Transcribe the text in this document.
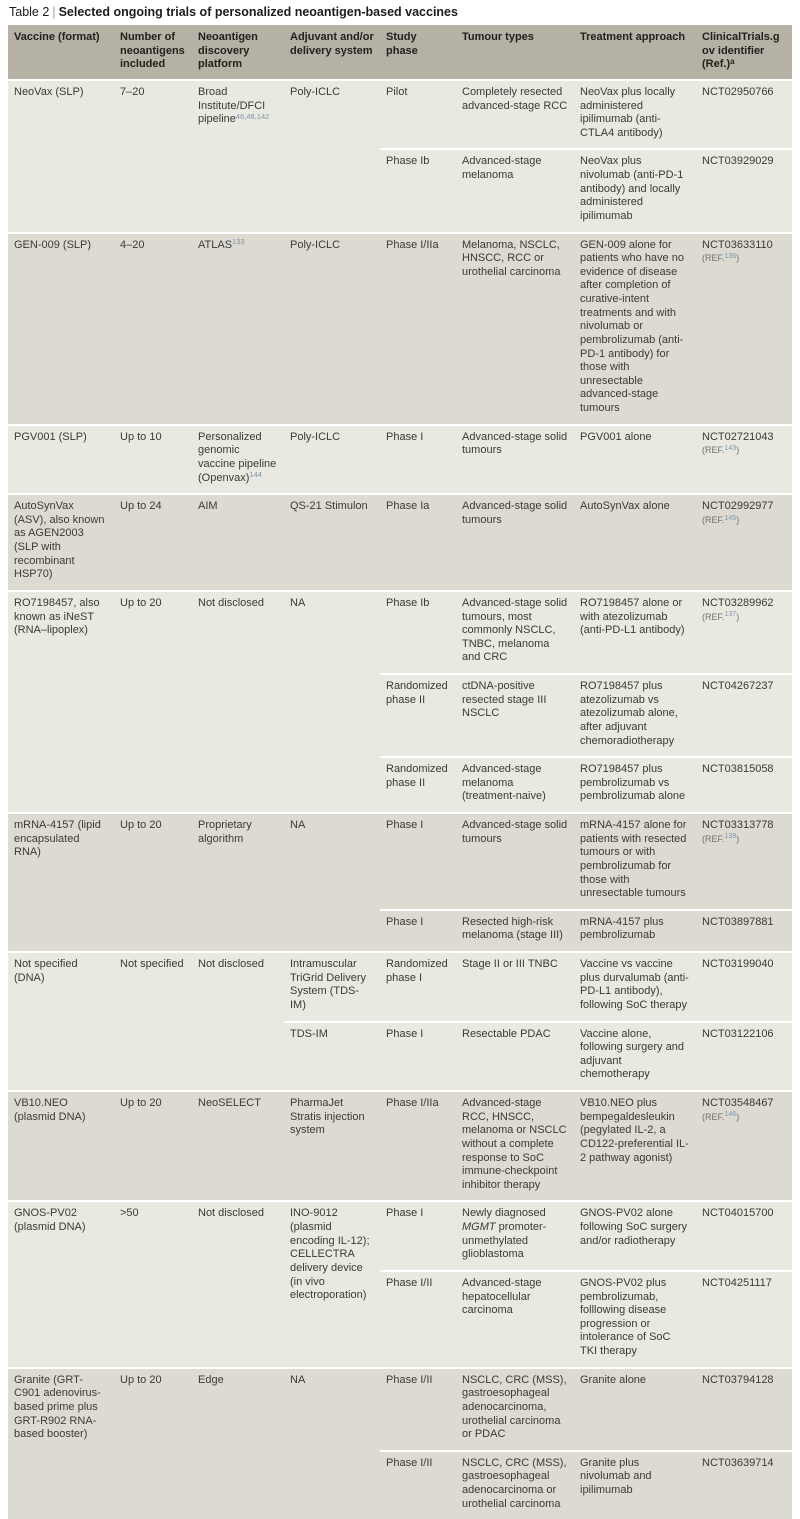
Table 2 | Selected ongoing trials of personalized neoantigen-based vaccines
Vaccine (format)	Number of neoantigens included	Neoantigen discovery platform	Adjuvant and/or delivery system	Study phase	Tumour types	Treatment approach	ClinicalTrials.gov identifier $(Ref.)^a$
NeoVax (SLP)	7–20	Broad Institute/DFCI pipeline$^{46,48,142}$	Poly-ICLC	Pilot	Completely resected advanced-stage RCC	NeoVax plus locally administered ipilimumab (anti-CTLA4 antibody)	NCT02950766
				Phase Ib	Advanced-stage melanoma	NeoVax plus nivolumab (anti-PD-1 antibody) and locally administered ipilimumab	NCT03929029
GEN-009 (SLP)	4–20	ATLAS$^{133}$	Poly-ICLC	Phase I/IIa	Melanoma, NSCLC, HNSCC, RCC or urothelial carcinoma	GEN-009 alone for patients who have no evidence of disease after completion of curative-intent treatments and with nivolumab or pembrolizumab (anti-PD-1 antibody) for those with unresectable advanced-stage tumours	NCT03633110
(REF.$^{136}$)

PGV001 (SLP)	Up to 10	Personalized genomic vaccine pipeline (Openvax)$^{144}$	Poly-ICLC	Phase I	Advanced-stage solid tumours	PGV001 alone	NCT02721043
(REF.$^{143}$)

AutoSynVax (ASV), also known as AGEN2003 (SLP with recombinant HSP70)	Up to 24	AIM	QS-21 Stimulon	Phase Ia	Advanced-stage solid tumours	AutoSynVax alone	NCT02992977
(REF.$^{145}$)

RO7198457, also known as iNeST (RNA–lipoplex)	Up to 20	Not disclosed	NA	Phase Ib	Advanced-stage solid tumours, most commonly NSCLC, TNBC, melanoma and CRC	RO7198457 alone or with atezolizumab (anti-PD-L1 antibody)	NCT03289962
(REF.$^{137}$)

				Randomized phase II	ctDNA-positive resected stage III NSCLC	RO7198457 plus atezolizumab vs atezolizumab alone, after adjuvant chemoradiotherapy	NCT04267237
				Randomized phase II	Advanced-stage melanoma (treatment-naive)	RO7198457 plus pembrolizumab vs pembrolizumab alone	NCT03815058
mRNA-4157 (lipid encapsulated RNA)	Up to 20	Proprietary algorithm	NA	Phase I	Advanced-stage solid tumours	mRNA-4157 alone for patients with resected tumours or with pembrolizumab for those with unresectable tumours	NCT03313778
(REF.$^{139}$)

				Phase I	Resected high-risk melanoma (stage III)	mRNA-4157 plus pembrolizumab	NCT03897881
Not specified (DNA)	Not specified	Not disclosed	Intramuscular TriGrid Delivery System (TDS-IM)	Randomized phase I	Stage II or III TNBC	Vaccine vs vaccine plus durvalumab (anti-PD-L1 antibody), following SoC therapy	NCT03199040
			TDS-IM	Phase I	Resectable PDAC	Vaccine alone, following surgery and adjuvant chemotherapy	NCT03122106
VB10.NEO (plasmid DNA)	Up to 20	NeoSELECT	PharmaJet Stratis injection system	Phase I/IIa	Advanced-stage RCC, HNSCC, melanoma or NSCLC without a complete response to SoC immune-checkpoint inhibitor therapy	VB10.NEO plus bempegaldesleukin (pegylated IL-2, a CD122-preferential IL-2 pathway agonist)	NCT03548467
(REF.$^{146}$)

GNOS-PV02 (plasmid DNA)	>50	Not disclosed	INO-9012 (plasmid encoding IL-12); CELLECTRA delivery device (in vivo electroporation)	Phase I	Newly diagnosed MGMT promoter-unmethylated glioblastoma	GNOS-PV02 alone following SoC surgery and/or radiotherapy	NCT04015700
				Phase I/II	Advanced-stage hepatocellular carcinoma	GNOS-PV02 plus pembrolizumab, folllowing disease progression or intolerance of SoC TKI therapy	NCT04251117
Granite (GRT-C901 adenovirus-based prime plus GRT-R902 RNA-based booster)	Up to 20	Edge	NA	Phase I/II	NSCLC, CRC (MSS), gastroesophageal adenocarcinoma, urothelial carcinoma or PDAC	Granite alone	NCT03794128
				Phase I/II	NSCLC, CRC (MSS), gastroesophageal adenocarcinoma or urothelial carcinoma	Granite plus nivolumab and ipilimumab	NCT03639714
